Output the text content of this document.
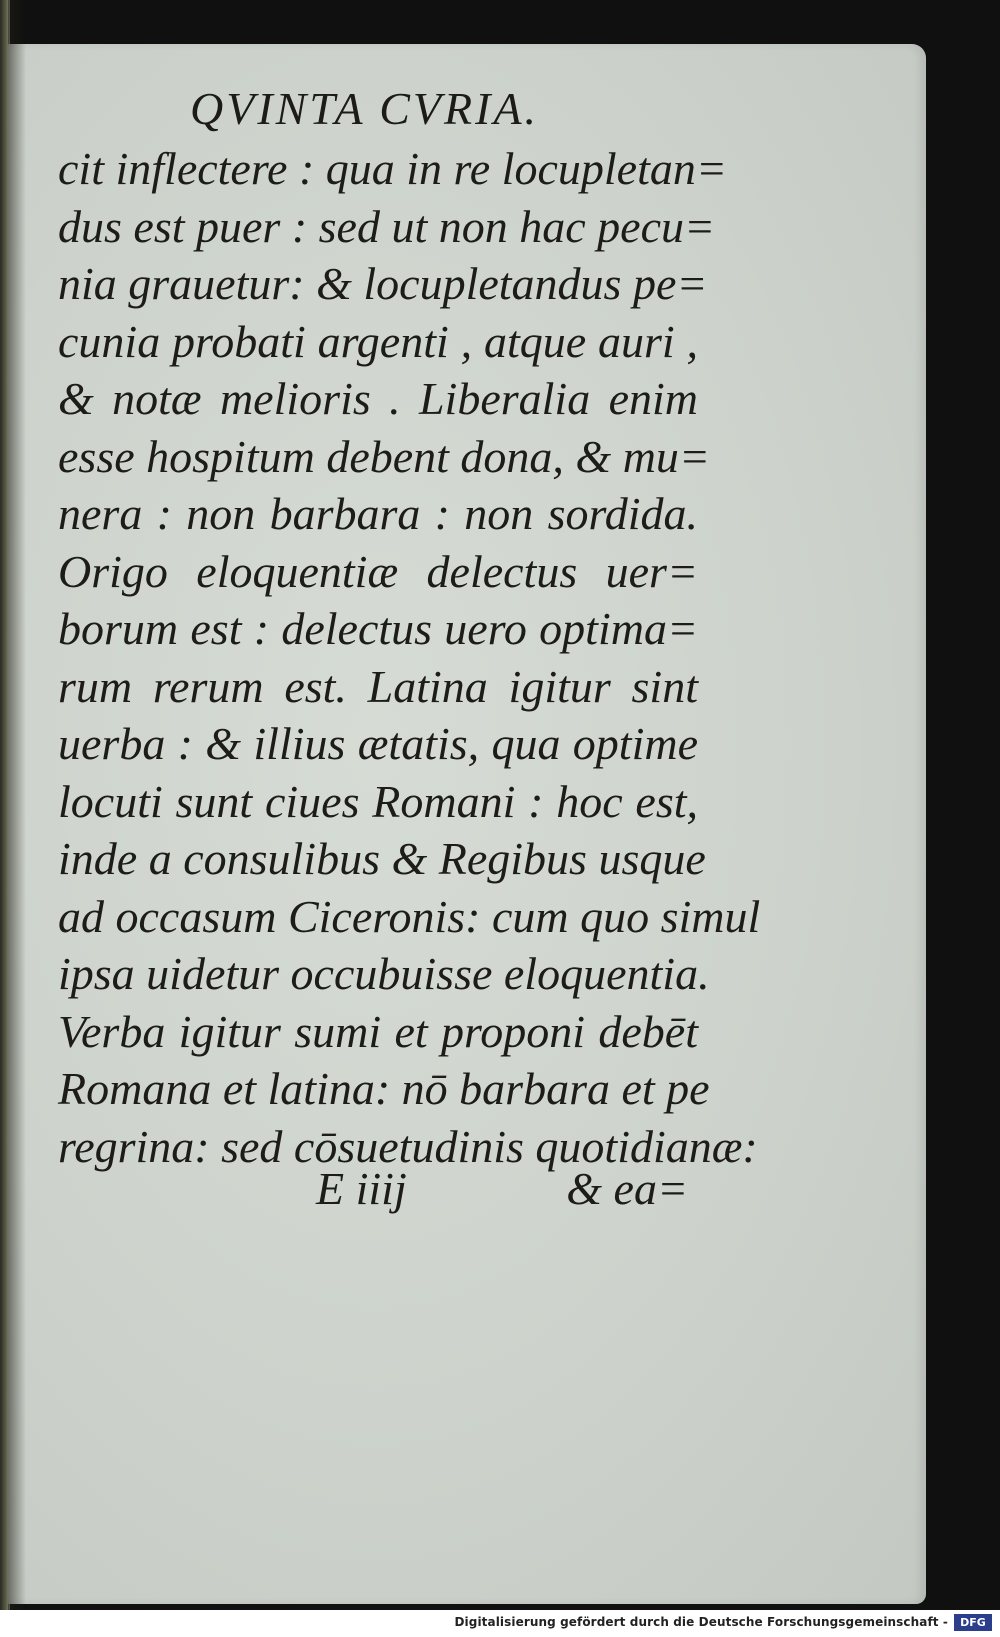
QVINTA CVRIA.
cit inflectere : qua in re locupletan=
dus est puer : sed ut non hac pecu=
nia grauetur: & locupletandus pe=
cunia probati argenti , atque auri ,
& notæ melioris . Liberalia enim
esse hospitum debent dona, & mu=
nera : non barbara : non sordida.
Origo eloquentiæ delectus uer=
borum est : delectus uero optima=
rum rerum est. Latina igitur sint
uerba : & illius ætatis, qua optime
locuti sunt ciues Romani : hoc est,
inde a consulibus & Regibus usque
ad occasum Ciceronis: cum quo simul
ipsa uidetur occubuisse eloquentia.
Verba igitur sumi et proponi debēt
Romana et latina: nō barbara et pe
regrina: sed cōsuetudinis quotidianæ:
E iiij	& ea=
Digitalisierung gefördert durch die Deutsche Forschungsgemeinschaft -	DFG
